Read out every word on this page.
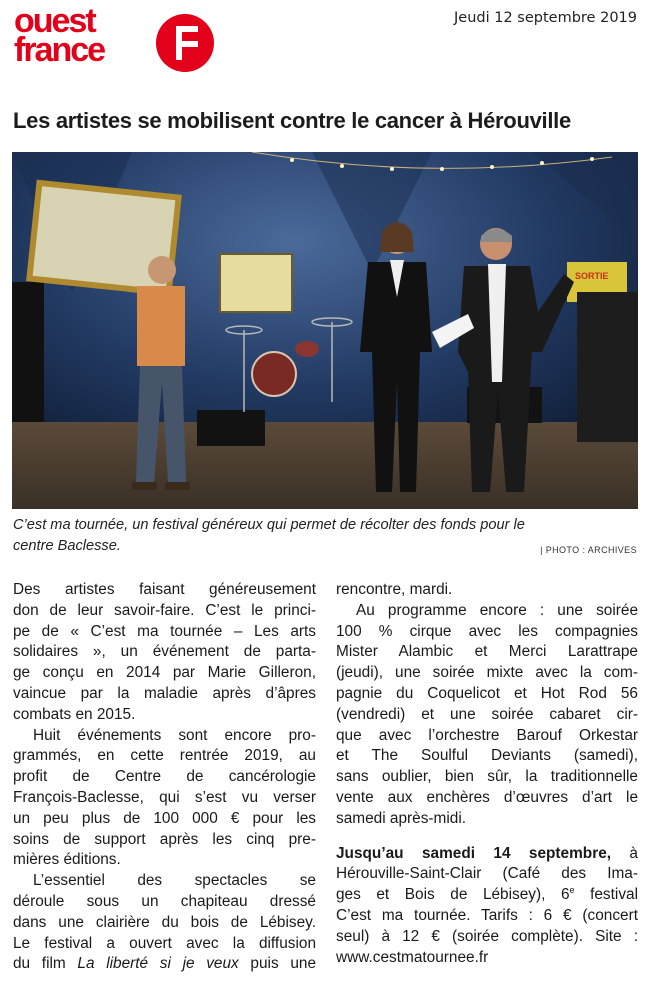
ouest
france
Jeudi 12 septembre 2019
Les artistes se mobilisent contre le cancer à Hérouville
SORTIE
C’est ma tournée, un festival généreux qui permet de récolter des fonds pour le
centre Baclesse.	| PHOTO : ARCHIVES

Des artistes faisant généreusement

don de leur savoir-faire. C’est le princi-

pe de « C’est ma tournée – Les arts

solidaires », un événement de parta-

ge conçu en 2014 par Marie Gilleron,

vaincue par la maladie après d’âpres

combats en 2015.

Huit événements sont encore pro-

grammés, en cette rentrée 2019, au

profit de Centre de cancérologie

François-Baclesse, qui s’est vu verser

un peu plus de 100 000 € pour les

soins de support après les cinq pre-

mières éditions.

L’essentiel des spectacles se

déroule sous un chapiteau dressé

dans une clairière du bois de Lébisey.

Le festival a ouvert avec la diffusion

du film La liberté si je veux puis une

rencontre, mardi.

Au programme encore : une soirée

100 % cirque avec les compagnies

Mister Alambic et Merci Larattrape

(jeudi), une soirée mixte avec la com-

pagnie du Coquelicot et Hot Rod 56

(vendredi) et une soirée cabaret cir-

que avec l’orchestre Barouf Orkestar

et The Soulful Deviants (samedi),

sans oublier, bien sûr, la traditionnelle

vente aux enchères d’œuvres d’art le

samedi après-midi.

Jusqu’au samedi 14 septembre, à

Hérouville-Saint-Clair (Café des Ima-

ges et Bois de Lébisey), 6e festival

C’est ma tournée. Tarifs : 6 € (concert

seul) à 12 € (soirée complète). Site :

www.cestmatournee.fr
